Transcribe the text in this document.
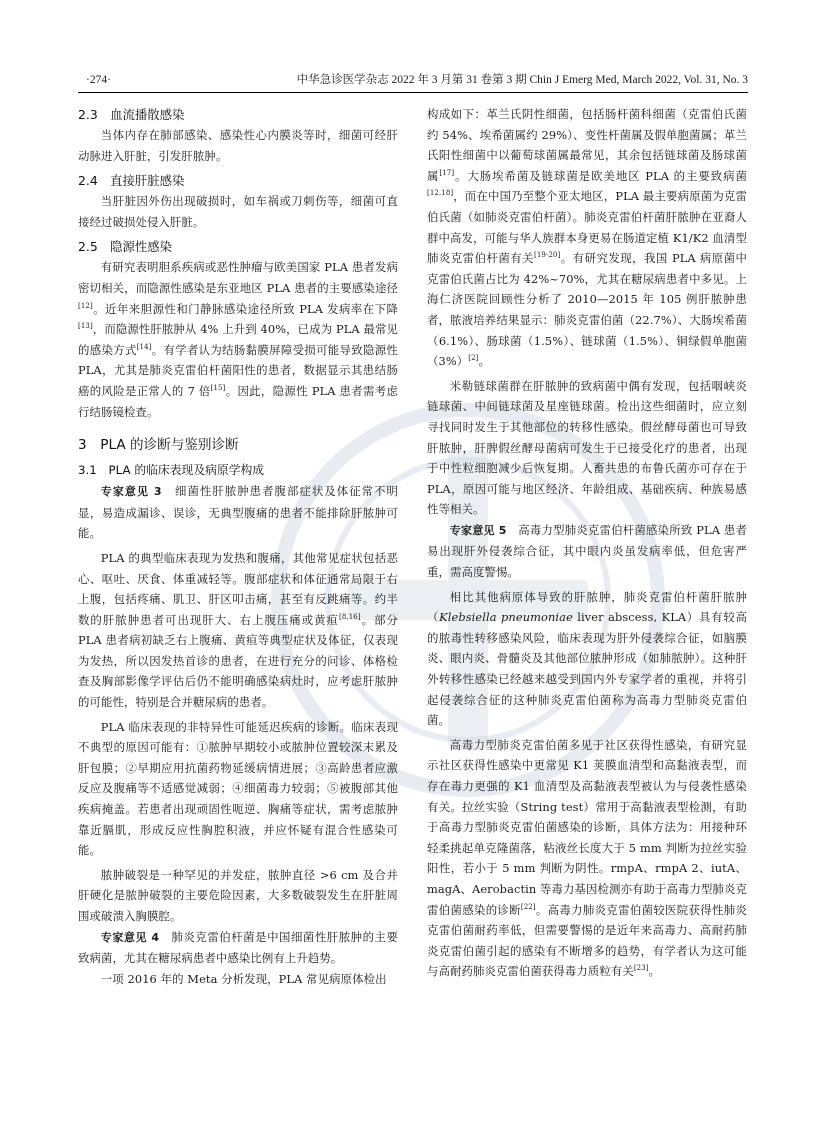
·274·	中华急诊医学杂志 2022 年 3 月第 31 卷第 3 期 Chin J Emerg Med, March 2022, Vol. 31, No. 3
2.3　血流播散感染

当体内存在肺部感染、感染性心内膜炎等时，细菌可经肝动脉进入肝脏，引发肝脓肿。

2.4　直接肝脏感染

当肝脏因外伤出现破损时，如车祸或刀刺伤等，细菌可直接经过破损处侵入肝脏。

2.5　隐源性感染

有研究表明胆系疾病或恶性肿瘤与欧美国家 PLA 患者发病密切相关，而隐源性感染是东亚地区 PLA 患者的主要感染途径[12]。近年来胆源性和门静脉感染途径所致 PLA 发病率在下降[13]，而隐源性肝脓肿从 4% 上升到 40%，已成为 PLA 最常见的感染方式[14]。有学者认为结肠黏膜屏障受损可能导致隐源性 PLA，尤其是肺炎克雷伯杆菌阳性的患者，数据显示其患结肠癌的风险是正常人的 7 倍[15]。因此，隐源性 PLA 患者需考虑行结肠镜检查。

3　PLA 的诊断与鉴别诊断
3.1　PLA 的临床表现及病原学构成

专家意见 3　细菌性肝脓肿患者腹部症状及体征常不明显，易造成漏诊、误诊，无典型腹痛的患者不能排除肝脓肿可能。

PLA 的典型临床表现为发热和腹痛，其他常见症状包括恶心、呕吐、厌食、体重减轻等。腹部症状和体征通常局限于右上腹，包括疼痛、肌卫、肝区叩击痛，甚至有反跳痛等。约半数的肝脓肿患者可出现肝大、右上腹压痛或黄疸[8,16]。部分 PLA 患者病初缺乏右上腹痛、黄疸等典型症状及体征，仅表现为发热，所以因发热首诊的患者，在进行充分的问诊、体格检查及胸部影像学评估后仍不能明确感染病灶时，应考虑肝脓肿的可能性，特别是合并糖尿病的患者。

PLA 临床表现的非特异性可能延迟疾病的诊断。临床表现不典型的原因可能有：①脓肿早期较小或脓肿位置较深末累及肝包膜；②早期应用抗菌药物延缓病情进展；③高龄患者应激反应及腹痛等不适感觉减弱；④细菌毒力较弱；⑤被腹部其他疾病掩盖。若患者出现顽固性呃逆、胸痛等症状，需考虑脓肿靠近膈肌，形成反应性胸腔积液，并应怀疑有混合性感染可能。

脓肿破裂是一种罕见的并发症，脓肿直径 >6 cm 及合并肝硬化是脓肿破裂的主要危险因素，大多数破裂发生在肝脏周围或破溃入胸膜腔。

专家意见 4　肺炎克雷伯杆菌是中国细菌性肝脓肿的主要致病菌，尤其在糖尿病患者中感染比例有上升趋势。

一项 2016 年的 Meta 分析发现，PLA 常见病原体检出

构成如下：革兰氏阴性细菌，包括肠杆菌科细菌（克雷伯氏菌约 54%、埃希菌属约 29%）、变性杆菌属及假单胞菌属；革兰氏阳性细菌中以葡萄球菌属最常见，其余包括链球菌及肠球菌属[17]。大肠埃希菌及链球菌是欧美地区 PLA 的主要致病菌[12,18]，而在中国乃至整个亚太地区，PLA 最主要病原菌为克雷伯氏菌（如肺炎克雷伯杆菌）。肺炎克雷伯杆菌肝脓肿在亚裔人群中高发，可能与华人族群本身更易在肠道定植 K1/K2 血清型肺炎克雷伯杆菌有关[19-20]。有研究发现，我国 PLA 病原菌中克雷伯氏菌占比为 42%~70%，尤其在糖尿病患者中多见。上海仁济医院回顾性分析了 2010—2015 年 105 例肝脓肿患者，脓液培养结果显示：肺炎克雷伯菌（22.7%）、大肠埃希菌（6.1%）、肠球菌（1.5%）、链球菌（1.5%）、铜绿假单胞菌（3%）[2]。

米勒链球菌群在肝脓肿的致病菌中偶有发现，包括咽峡炎链球菌、中间链球菌及星座链球菌。检出这些细菌时，应立刻寻找同时发生于其他部位的转移性感染。假丝酵母菌也可导致肝脓肿，肝脾假丝酵母菌病可发生于已接受化疗的患者，出现于中性粒细胞减少后恢复期。人畜共患的布鲁氏菌亦可存在于 PLA，原因可能与地区经济、年龄组成、基础疾病、种族易感性等相关。

专家意见 5　高毒力型肺炎克雷伯杆菌感染所致 PLA 患者易出现肝外侵袭综合征，其中眼内炎虽发病率低，但危害严重，需高度警惕。

相比其他病原体导致的肝脓肿，肺炎克雷伯杆菌肝脓肿（Klebsiella pneumoniae liver abscess, KLA）具有较高的脓毒性转移感染风险，临床表现为肝外侵袭综合征，如脑膜炎、眼内炎、骨髓炎及其他部位脓肿形成（如肺脓肿）。这种肝外转移性感染已经越来越受到国内外专家学者的重视，并将引起侵袭综合征的这种肺炎克雷伯菌称为高毒力型肺炎克雷伯菌。

高毒力型肺炎克雷伯菌多见于社区获得性感染，有研究显示社区获得性感染中更常见 K1 荚膜血清型和高黏液表型，而存在毒力更强的 K1 血清型及高黏液表型被认为与侵袭性感染有关。拉丝实验（String test）常用于高黏液表型检测，有助于高毒力型肺炎克雷伯菌感染的诊断，具体方法为：用接种环轻柔挑起单克隆菌落，粘液丝长度大于 5 mm 判断为拉丝实验阳性，若小于 5 mm 判断为阴性。rmpA、rmpA 2、iutA、magA、Aerobactin 等毒力基因检测亦有助于高毒力型肺炎克雷伯菌感染的诊断[22]。高毒力肺炎克雷伯菌较医院获得性肺炎克雷伯菌耐药率低，但需要警惕的是近年来高毒力、高耐药肺炎克雷伯菌引起的感染有不断增多的趋势，有学者认为这可能与高耐药肺炎克雷伯菌获得毒力质粒有关[23]。
